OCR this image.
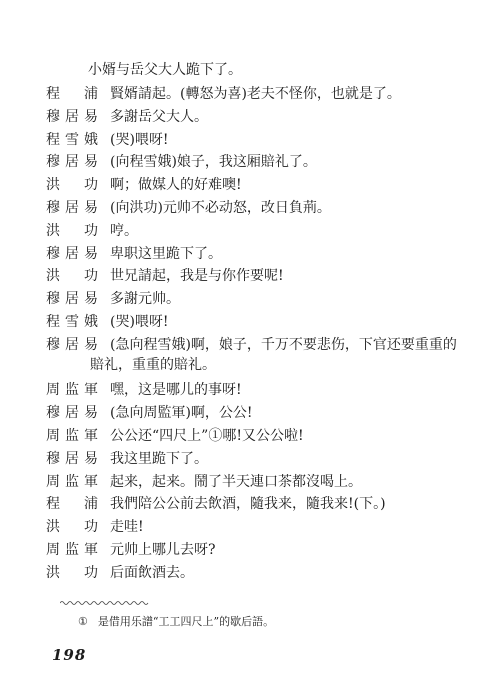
小婿与岳父大人跪下了。
程　浦 賢婿請起。(轉怒为喜)老夫不怪你，也就是了。
穆居易 多謝岳父大人。
程雪娥 (哭)喂呀!
穆居易 (向程雪娥)娘子，我这厢賠礼了。
洪　功 啊；做媒人的好难噢!
穆居易 (向洪功)元帅不必动怒，改日負荊。
洪　功 哼。
穆居易 卑职这里跪下了。
洪　功 世兄請起，我是与你作要呢!
穆居易 多謝元帅。
程雪娥 (哭)喂呀!
穆居易 (急向程雪娥)啊，娘子，千万不要悲伤，下官还要重重的
賠礼，重重的賠礼。
周监軍 嘿，这是哪儿的事呀!
穆居易 (急向周監軍)啊，公公!
周监軍 公公还“四尺上”①哪!又公公啦!
穆居易 我这里跪下了。
周监軍 起来，起来。鬧了半天連口茶都沒喝上。
程　浦 我們陪公公前去飲酒，隨我来，隨我来!(下。)
洪　功 走哇!
周监軍 元帅上哪儿去呀?
洪　功 后面飲酒去。
① 是借用乐譜“工工四尺上”的歇后語。
198
